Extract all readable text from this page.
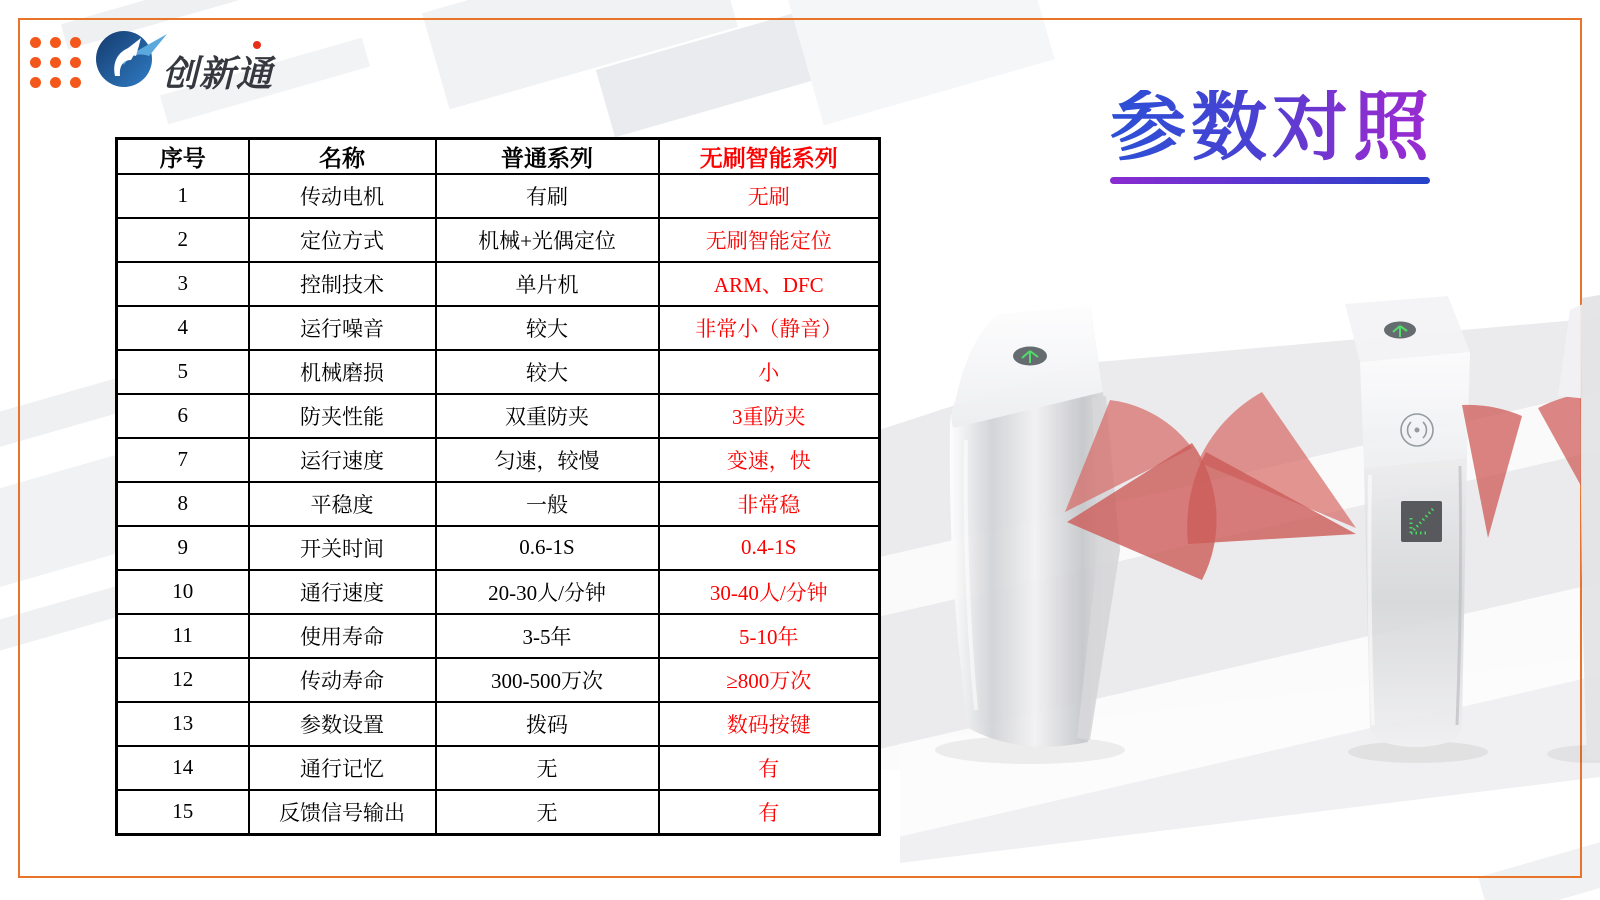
创新通
参数对照
序号	名称	普通系列	无刷智能系列
1	传动电机	有刷	无刷
2	定位方式	机械+光偶定位	无刷智能定位
3	控制技术	单片机	ARM、DFC
4	运行噪音	较大	非常小（静音）
5	机械磨损	较大	小
6	防夹性能	双重防夹	3重防夹
7	运行速度	匀速，较慢	变速，快
8	平稳度	一般	非常稳
9	开关时间	0.6-1S	0.4-1S
10	通行速度	20-30人/分钟	30-40人/分钟
11	使用寿命	3-5年	5-10年
12	传动寿命	300-500万次	≥800万次
13	参数设置	拨码	数码按键
14	通行记忆	无	有
15	反馈信号输出	无	有
